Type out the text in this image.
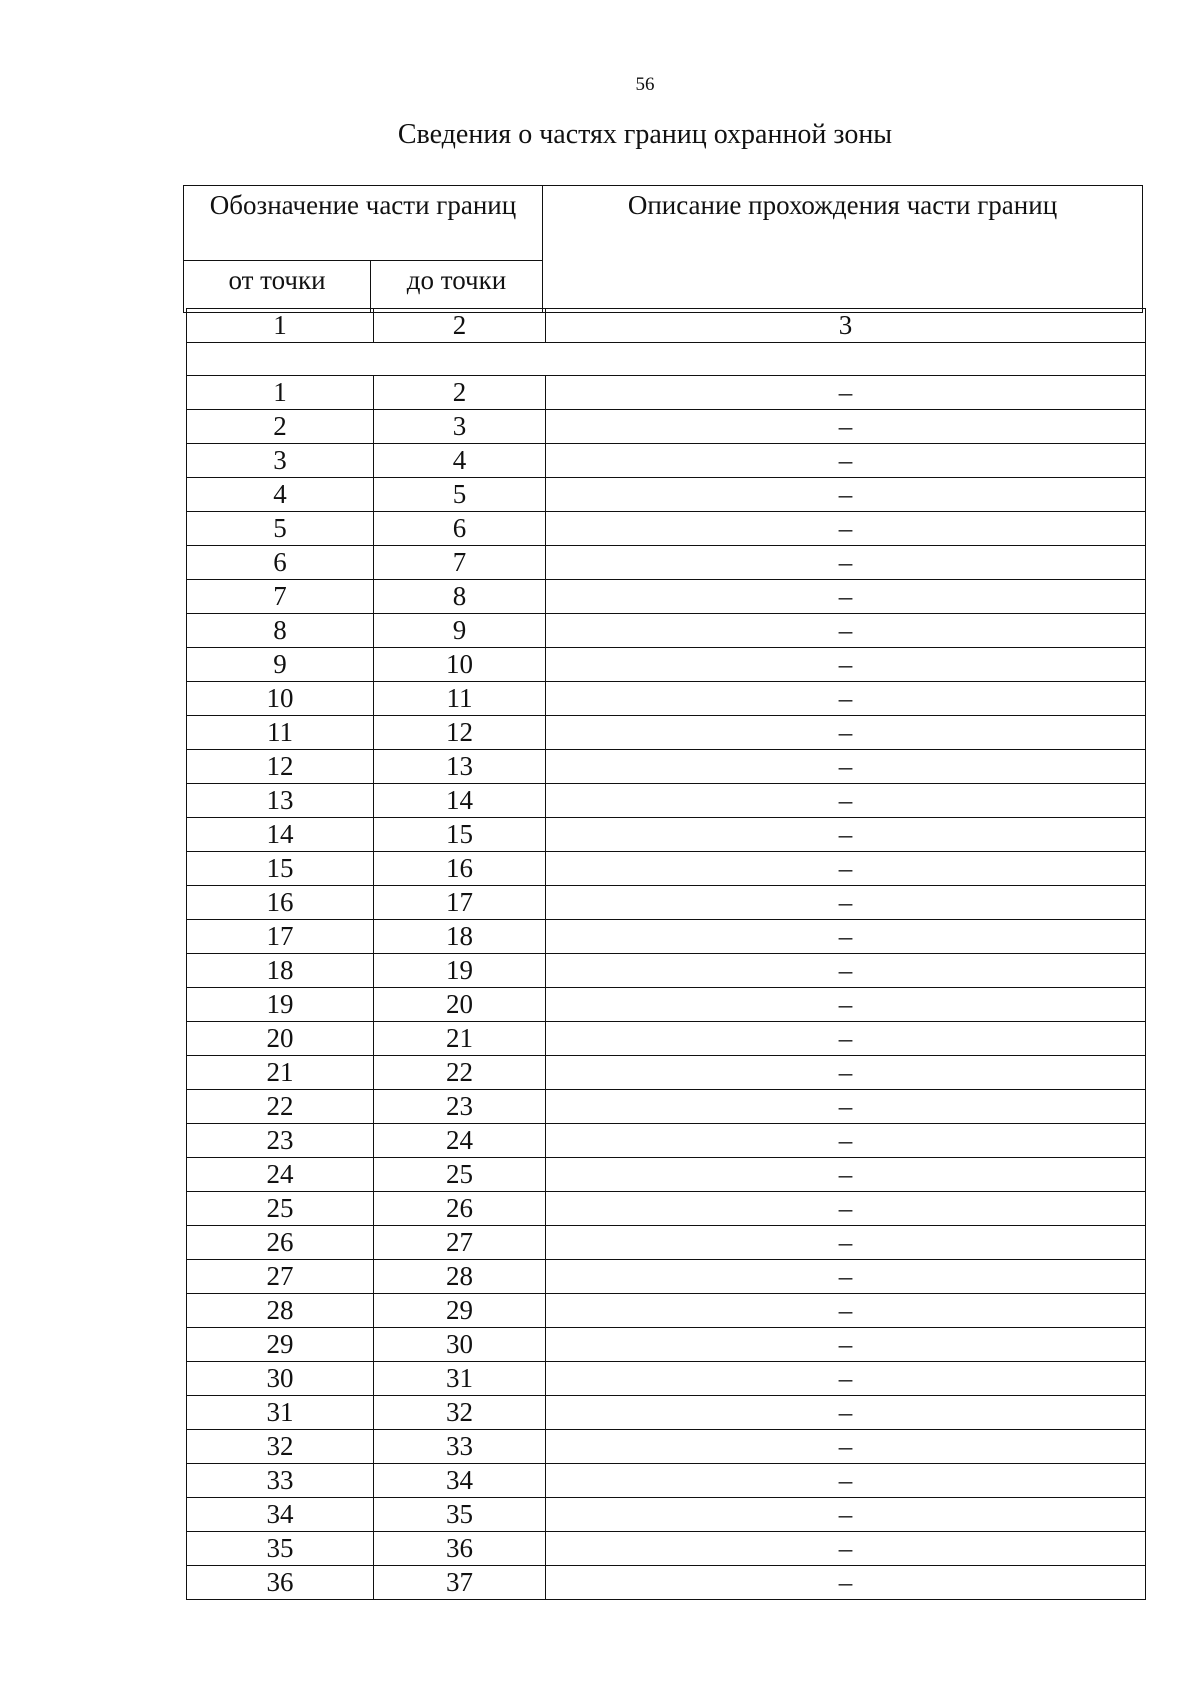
56
Сведения о частях границ охранной зоны
Обозначение части границ		Описание прохождения части границ
от точки	до точки	
1	2	3

1	2	–
2	3	–
3	4	–
4	5	–
5	6	–
6	7	–
7	8	–
8	9	–
9	10	–
10	11	–
11	12	–
12	13	–
13	14	–
14	15	–
15	16	–
16	17	–
17	18	–
18	19	–
19	20	–
20	21	–
21	22	–
22	23	–
23	24	–
24	25	–
25	26	–
26	27	–
27	28	–
28	29	–
29	30	–
30	31	–
31	32	–
32	33	–
33	34	–
34	35	–
35	36	–
36	37	–
